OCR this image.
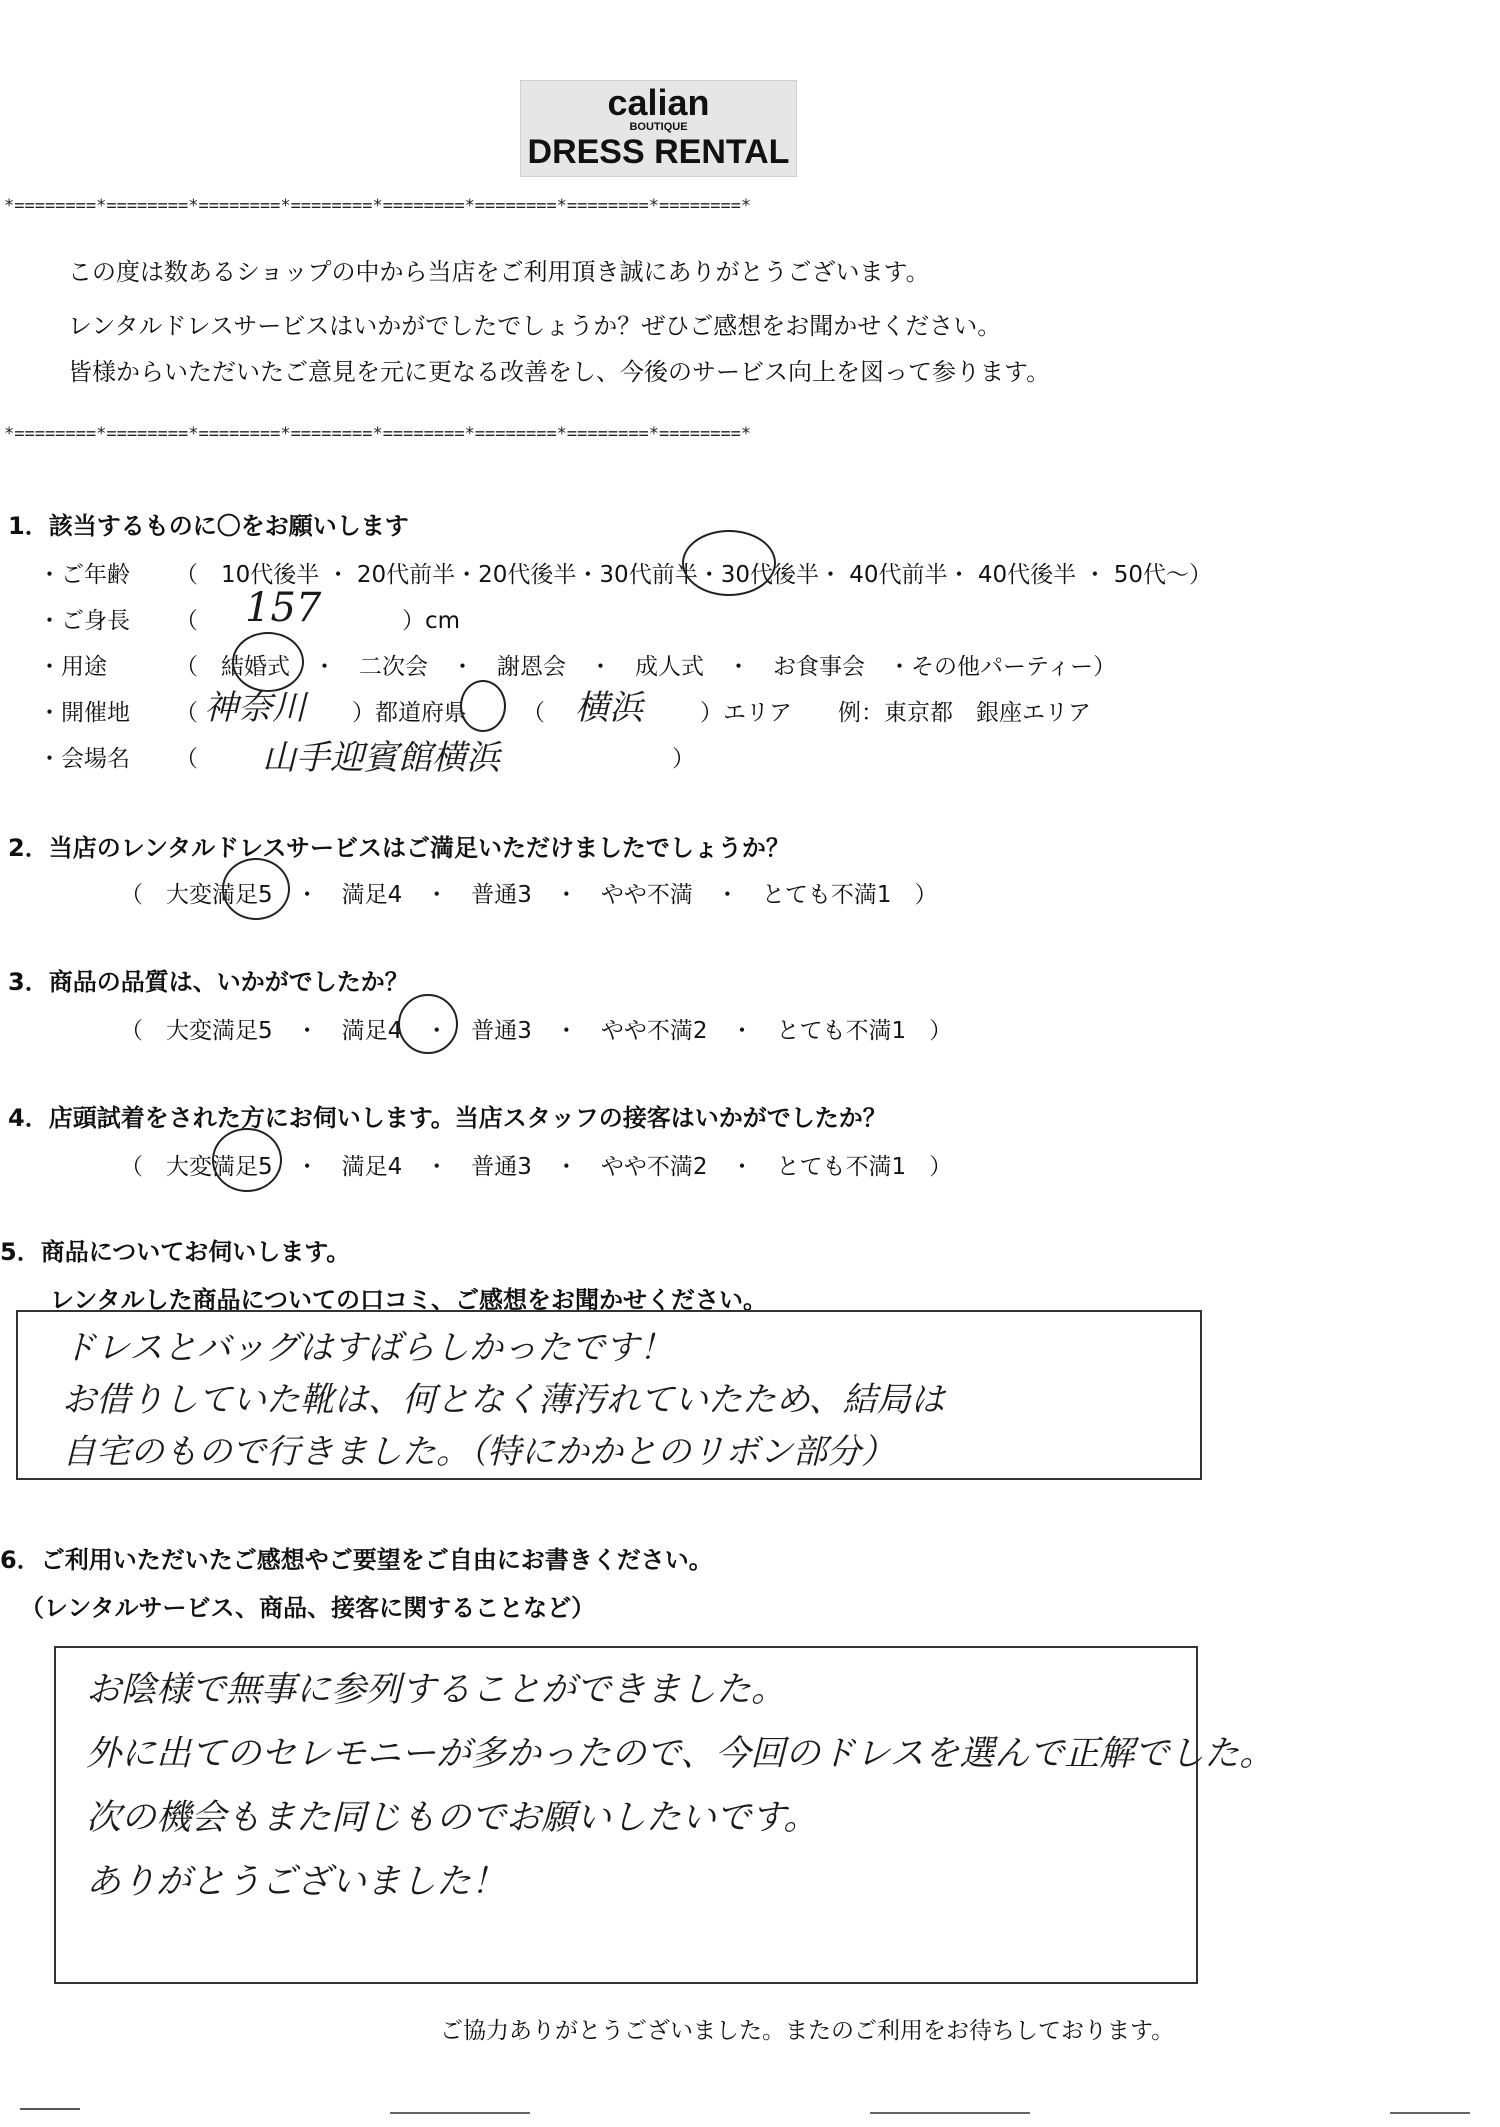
calian
BOUTIQUE
DRESS RENTAL
*========*========*========*========*========*========*========*========*
この度は数あるショップの中から当店をご利用頂き誠にありがとうございます。
レンタルドレスサービスはいかがでしたでしょうか？ぜひご感想をお聞かせください。
皆様からいただいたご意見を元に更なる改善をし、今後のサービス向上を図って参ります。
*========*========*========*========*========*========*========*========*
1．該当するものに〇をお願いします
・ご年齢 （　10代後半 ・ 20代前半・20代後半・30代前半・30代後半・ 40代前半・ 40代後半 ・ 50代～）
・ご身長 （ 157	）cm
・用途	（　結婚式　・　二次会　・　謝恩会　・　成人式　・　お食事会　・その他パーティー）
・開催地 （ 神奈川 ）都道府県 （ 横浜 ）エリア　　例：東京都　銀座エリア
・会場名 （ 山手迎賓館横浜	）
2．当店のレンタルドレスサービスはご満足いただけましたでしょうか？
（　大変満足5　・　満足4　・　普通3　・　やや不満　・　とても不満1　）
3．商品の品質は、いかがでしたか？
（　大変満足5　・　満足4　・　普通3　・　やや不満2　・　とても不満1　）
4．店頭試着をされた方にお伺いします。当店スタッフの接客はいかがでしたか？
（　大変満足5　・　満足4　・　普通3　・　やや不満2　・　とても不満1　）
5．商品についてお伺いします。
レンタルした商品についての口コミ、ご感想をお聞かせください。
ドレスとバッグはすばらしかったです！
お借りしていた靴は、何となく薄汚れていたため、結局は
自宅のもので行きました。（特にかかとのリボン部分）
6．ご利用いただいたご感想やご要望をご自由にお書きください。
（レンタルサービス、商品、接客に関することなど）
お陰様で無事に参列することができました。
外に出てのセレモニーが多かったので、今回のドレスを選んで正解でした。
次の機会もまた同じものでお願いしたいです。
ありがとうございました！
ご協力ありがとうございました。またのご利用をお待ちしております。
